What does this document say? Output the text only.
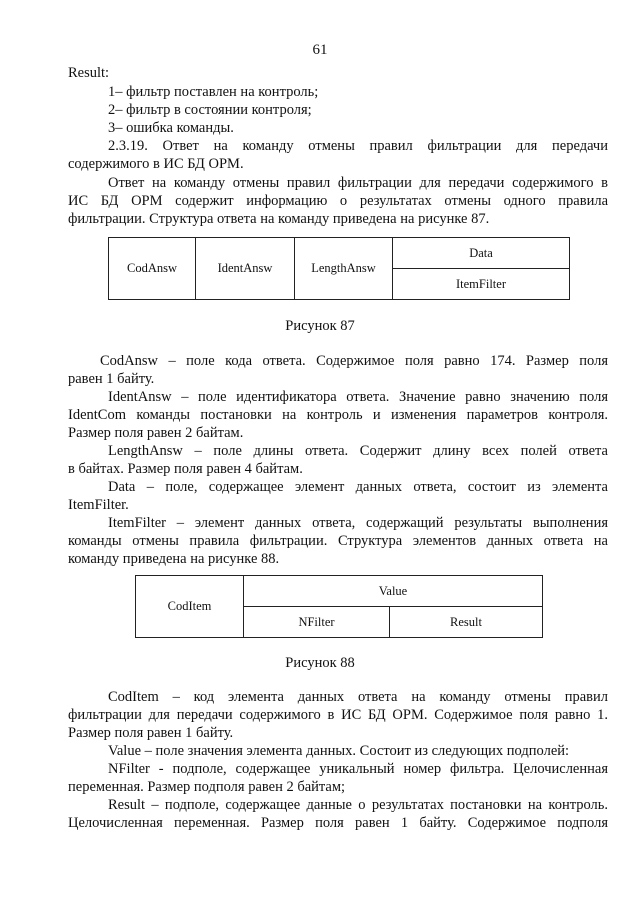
61
Result:
1– фильтр поставлен на контроль;
2– фильтр в состоянии контроля;
3– ошибка команды.
2.3.19. Ответ на команду отмены правил фильтрации для передачи
содержимого в ИС БД ОРМ.
Ответ на команду отмены правил фильтрации для передачи содержимого в
ИС БД ОРМ содержит информацию о результатах отмены одного правила
фильтрации. Структура ответа на команду приведена на рисунке 87.
CodAnsw	IdentAnsw	LengthAnsw	Data
ItemFilter
Рисунок 87
CodAnsw – поле кода ответа. Содержимое поля равно 174. Размер поля
равен 1 байту.
IdentAnsw – поле идентификатора ответа. Значение равно значению поля
IdentCom команды постановки на контроль и изменения параметров контроля.
Размер поля равен 2 байтам.
LengthAnsw – поле длины ответа. Содержит длину всех полей ответа
в байтах. Размер поля равен 4 байтам.
Data – поле, содержащее элемент данных ответа, состоит из элемента
ItemFilter.
ItemFilter – элемент данных ответа, содержащий результаты выполнения
команды отмены правила фильтрации. Структура элементов данных ответа на
команду приведена на рисунке 88.
CodItem	Value	
	NFilter	Result
Рисунок 88
CodItem – код элемента данных ответа на команду отмены правил
фильтрации для передачи содержимого в ИС БД ОРМ. Содержимое поля равно 1.
Размер поля равен 1 байту.
Value – поле значения элемента данных. Состоит из следующих подполей:
NFilter - подполе, содержащее уникальный номер фильтра. Целочисленная
переменная. Размер подполя равен 2 байтам;
Result – подполе, содержащее данные о результатах постановки на контроль.
Целочисленная переменная. Размер поля равен 1 байту. Содержимое подполя
